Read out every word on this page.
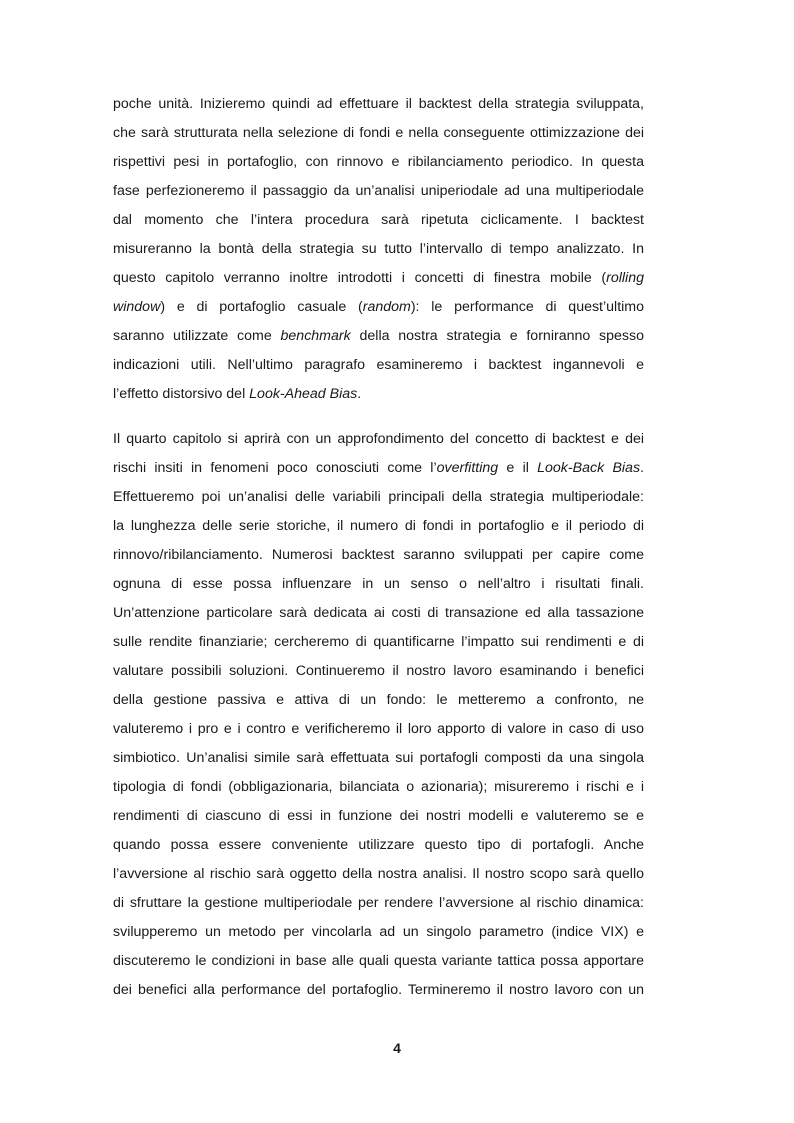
poche unità. Inizieremo quindi ad effettuare il backtest della strategia sviluppata,
che sarà strutturata nella selezione di fondi e nella conseguente ottimizzazione dei
rispettivi pesi in portafoglio, con rinnovo e ribilanciamento periodico. In questa
fase perfezioneremo il passaggio da un’analisi uniperiodale ad una multiperiodale
dal momento che l’intera procedura sarà ripetuta ciclicamente. I backtest
misureranno la bontà della strategia su tutto l’intervallo di tempo analizzato. In
questo capitolo verranno inoltre introdotti i concetti di finestra mobile (rolling
window) e di portafoglio casuale (random): le performance di quest’ultimo
saranno utilizzate come benchmark della nostra strategia e forniranno spesso
indicazioni utili. Nell’ultimo paragrafo esamineremo i backtest ingannevoli e
l’effetto distorsivo del Look-Ahead Bias.
Il quarto capitolo si aprirà con un approfondimento del concetto di backtest e dei
rischi insiti in fenomeni poco conosciuti come l’overfitting e il Look-Back Bias.
Effettueremo poi un’analisi delle variabili principali della strategia multiperiodale:
la lunghezza delle serie storiche, il numero di fondi in portafoglio e il periodo di
rinnovo/ribilanciamento. Numerosi backtest saranno sviluppati per capire come
ognuna di esse possa influenzare in un senso o nell’altro i risultati finali.
Un’attenzione particolare sarà dedicata ai costi di transazione ed alla tassazione
sulle rendite finanziarie; cercheremo di quantificarne l’impatto sui rendimenti e di
valutare possibili soluzioni. Continueremo il nostro lavoro esaminando i benefici
della gestione passiva e attiva di un fondo: le metteremo a confronto, ne
valuteremo i pro e i contro e verificheremo il loro apporto di valore in caso di uso
simbiotico. Un’analisi simile sarà effettuata sui portafogli composti da una singola
tipologia di fondi (obbligazionaria, bilanciata o azionaria); misureremo i rischi e i
rendimenti di ciascuno di essi in funzione dei nostri modelli e valuteremo se e
quando possa essere conveniente utilizzare questo tipo di portafogli. Anche
l’avversione al rischio sarà oggetto della nostra analisi. Il nostro scopo sarà quello
di sfruttare la gestione multiperiodale per rendere l’avversione al rischio dinamica:
svilupperemo un metodo per vincolarla ad un singolo parametro (indice VIX) e
discuteremo le condizioni in base alle quali questa variante tattica possa apportare
dei benefici alla performance del portafoglio. Termineremo il nostro lavoro con un
4
